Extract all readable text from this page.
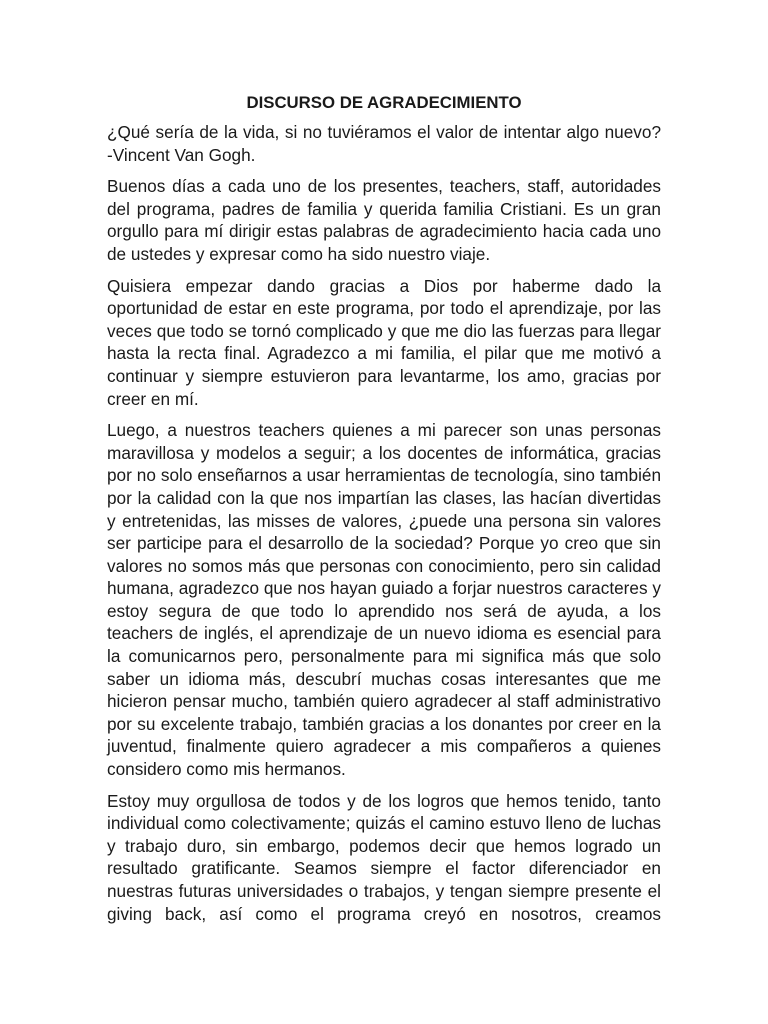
DISCURSO DE AGRADECIMIENTO

¿Qué sería de la vida, si no tuviéramos el valor de intentar algo nuevo? -Vincent Van Gogh.

Buenos días a cada uno de los presentes, teachers, staff, autoridades del programa, padres de familia y querida familia Cristiani. Es un gran orgullo para mí dirigir estas palabras de agradecimiento hacia cada uno de ustedes y expresar como ha sido nuestro viaje.

Quisiera empezar dando gracias a Dios por haberme dado la oportunidad de estar en este programa, por todo el aprendizaje, por las veces que todo se tornó complicado y que me dio las fuerzas para llegar hasta la recta final. Agradezco a mi familia, el pilar que me motivó a continuar y siempre estuvieron para levantarme, los amo, gracias por creer en mí.

Luego, a nuestros teachers quienes a mi parecer son unas personas maravillosa y modelos a seguir; a los docentes de informática, gracias por no solo enseñarnos a usar herramientas de tecnología, sino también por la calidad con la que nos impartían las clases, las hacían divertidas y entretenidas, las misses de valores, ¿puede una persona sin valores ser participe para el desarrollo de la sociedad? Porque yo creo que sin valores no somos más que personas con conocimiento, pero sin calidad humana, agradezco que nos hayan guiado a forjar nuestros caracteres y estoy segura de que todo lo aprendido nos será de ayuda, a los teachers de inglés, el aprendizaje de un nuevo idioma es esencial para la comunicarnos pero, personalmente para mi significa más que solo saber un idioma más, descubrí muchas cosas interesantes que me hicieron pensar mucho, también quiero agradecer al staff administrativo por su excelente trabajo, también gracias a los donantes por creer en la juventud, finalmente quiero agradecer a mis compañeros a quienes considero como mis hermanos.

Estoy muy orgullosa de todos y de los logros que hemos tenido, tanto individual como colectivamente; quizás el camino estuvo lleno de luchas y trabajo duro, sin embargo, podemos decir que hemos logrado un resultado gratificante. Seamos siempre el factor diferenciador en nuestras futuras universidades o trabajos, y tengan siempre presente el giving back, así como el programa creyó en nosotros, creamos
